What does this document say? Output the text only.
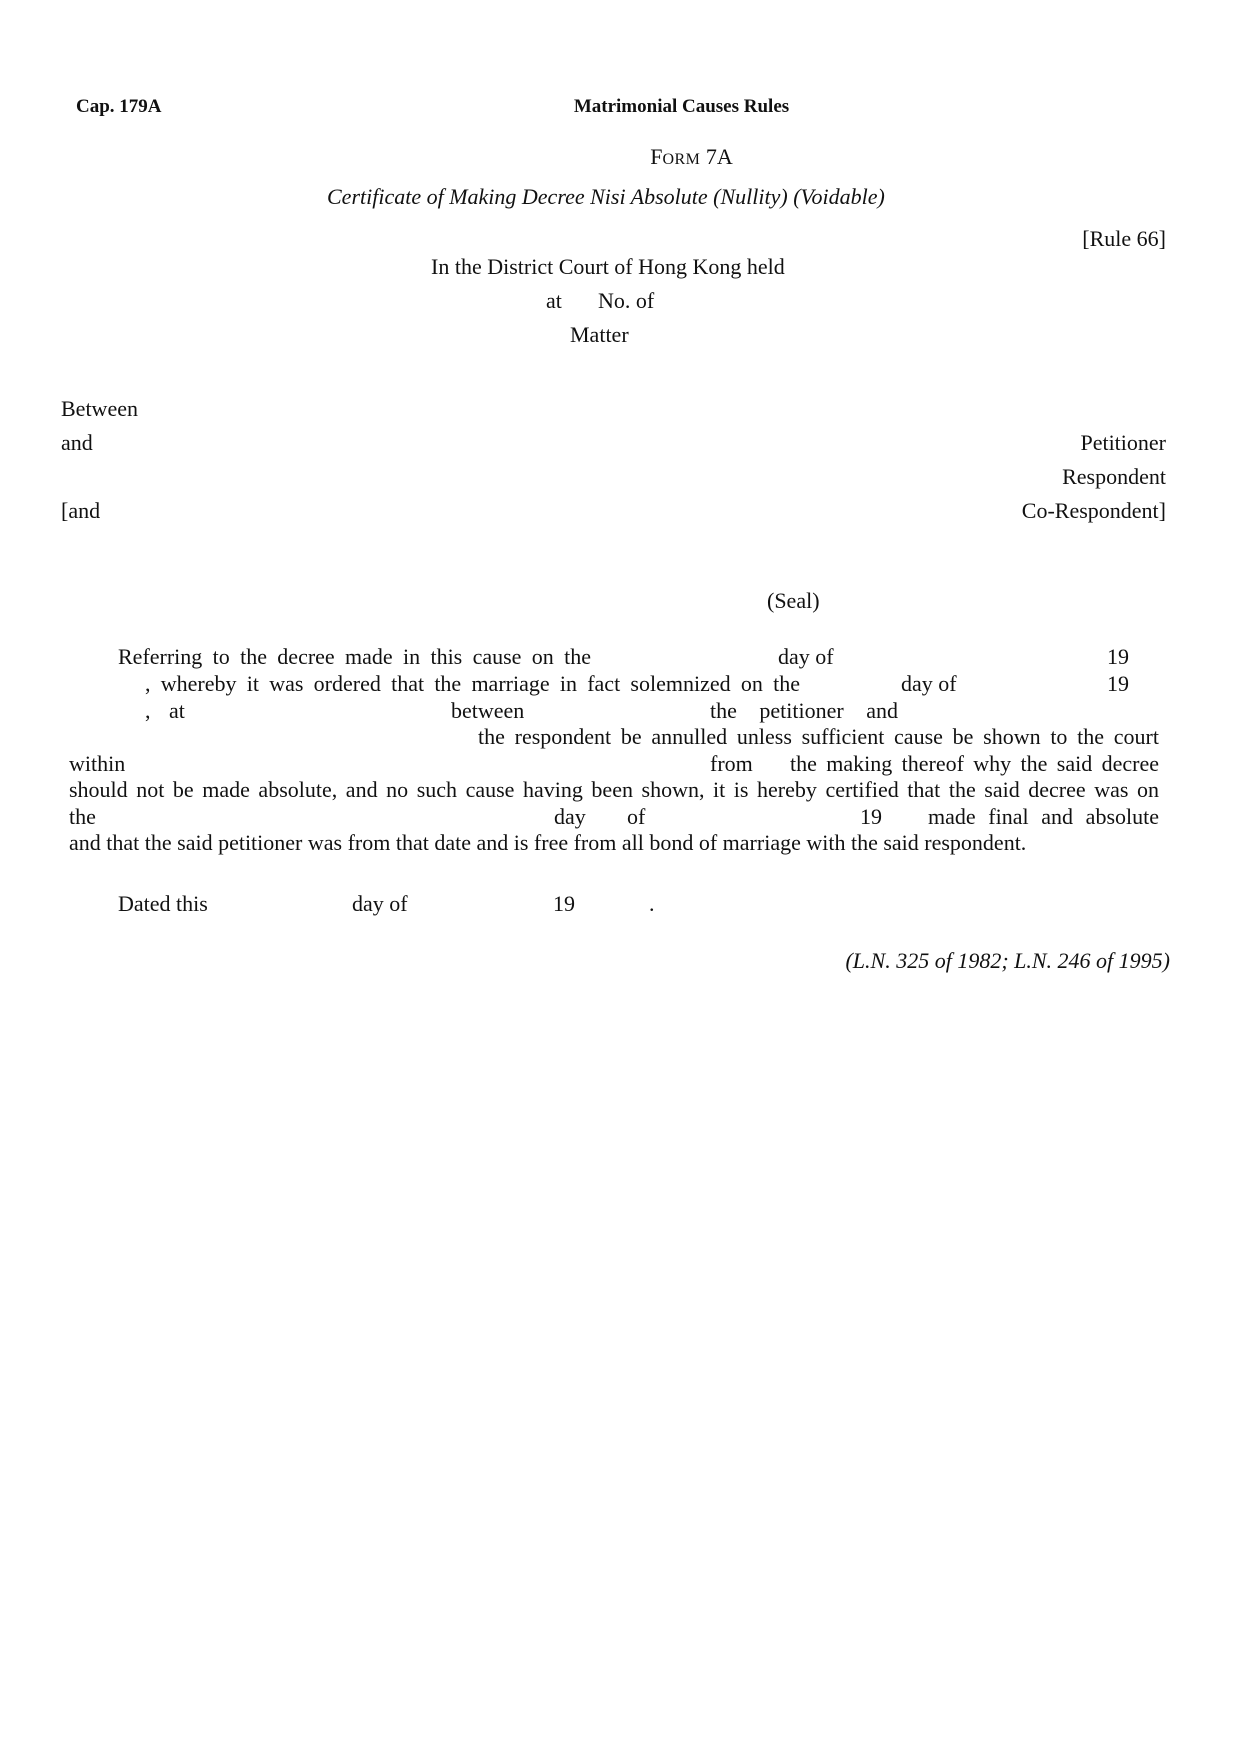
Cap. 179A	Matrimonial Causes Rules
FORM 7A
Certificate of Making Decree Nisi Absolute (Nullity) (Voidable)
[Rule 66]
In the District Court of Hong Kong held
at No. of
Matter
Between
and
[and
Petitioner
Respondent
Co-Respondent]
(Seal)
Referring to the decree made in this cause on the	day of	19
, whereby it was ordered that the marriage in fact solemnized on the	day of	19
, at	between	the petitioner and
the respondent be annulled unless sufficient cause be shown to the court
within	from the making thereof why the said decree
should not be made absolute, and no such cause having been shown, it is hereby certified that the said decree was on
the	day of	19 made final and absolute
and that the said petitioner was from that date and is free from all bond of marriage with the said respondent.
Dated this	day of	19	.
(L.N. 325 of 1982; L.N. 246 of 1995)
